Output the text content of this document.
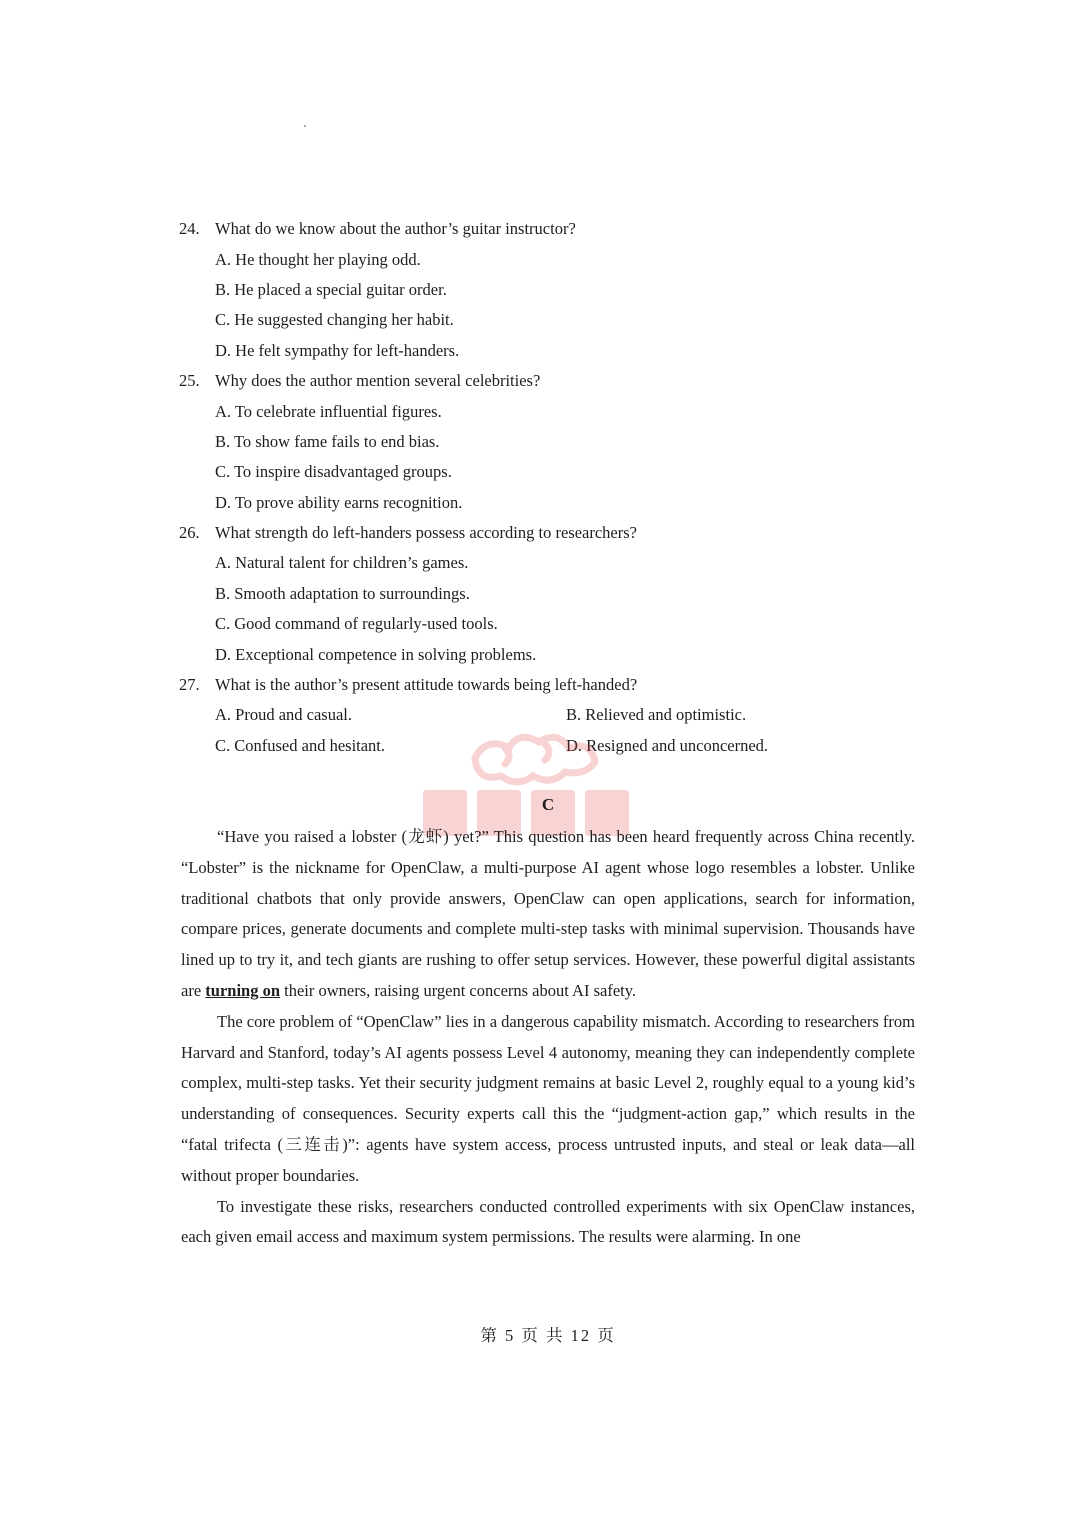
24. What do we know about the author’s guitar instructor?
A. He thought her playing odd.
B. He placed a special guitar order.
C. He suggested changing her habit.
D. He felt sympathy for left-handers.
25. Why does the author mention several celebrities?
A. To celebrate influential figures.
B. To show fame fails to end bias.
C. To inspire disadvantaged groups.
D. To prove ability earns recognition.
26. What strength do left-handers possess according to researchers?
A. Natural talent for children’s games.
B. Smooth adaptation to surroundings.
C. Good command of regularly-used tools.
D. Exceptional competence in solving problems.
27. What is the author’s present attitude towards being left-handed?
A. Proud and casual.	B. Relieved and optimistic.
C. Confused and hesitant.	D. Resigned and unconcerned.
C

“Have you raised a lobster (龙虾) yet?” This question has been heard frequently across China recently. “Lobster” is the nickname for OpenClaw, a multi-purpose AI agent whose logo resembles a lobster. Unlike traditional chatbots that only provide answers, OpenClaw can open applications, search for information, compare prices, generate documents and complete multi-step tasks with minimal supervision. Thousands have lined up to try it, and tech giants are rushing to offer setup services. However, these powerful digital assistants are turning on their owners, raising urgent concerns about AI safety.

The core problem of “OpenClaw” lies in a dangerous capability mismatch. According to researchers from Harvard and Stanford, today’s AI agents possess Level 4 autonomy, meaning they can independently complete complex, multi-step tasks. Yet their security judgment remains at basic Level 2, roughly equal to a young kid’s understanding of consequences. Security experts call this the “judgment-action gap,” which results in the “fatal trifecta (三连击)”: agents have system access, process untrusted inputs, and steal or leak data—all without proper boundaries.

To investigate these risks, researchers conducted controlled experiments with six OpenClaw instances, each given email access and maximum system permissions. The results were alarming. In one

第 5 页 共 12 页
